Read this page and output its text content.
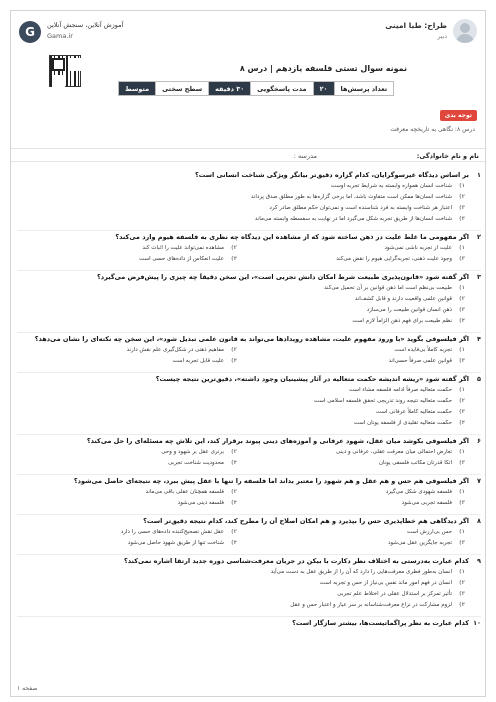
طراح: طبا امینی
دبیر
G	آموزش آنلاین، سنجش آنلاین
Gama.ir
نمونه سوال تستی فلسفه یازدهم | درس ۸
تعداد پرسش‌ها
۲۰
مدت پاسخگویی
۳۰ دقیقه
سطح سختی
متوسط
توجه بدی
درس ۸: نگاهی به تاریخچه معرفت
نام و نام خانوادگی:
مدرسه :
۱
بر اساس دیدگاه غیرسوگرایان، کدام گزاره دقیق‌تر بیانگر ویژگی شناخت انسانی است؟
۱)
شناخت انسان همواره وابسته به شرایط تجربه اوست
۲)
شناخت انسان‌ها ممکن است متفاوت باشد، اما برخی گزاره‌ها به طور مطلق صدق پرداند
۳)
اعتبار هر شناخت وابسته به فرد شناسنده است و نمی‌توان حکم مطلق صادر کرد
۴)
شناخت انسان‌ها از طریق تجربه شکل می‌گیرد اما در نهایت به سفسطه وابسته می‌ماند
۲
اگر مفهومی ما غلط علیت در ذهن ساخته شود که از مشاهده این دیدگاه چه نظری به فلسفه هیوم وارد می‌کند؟
۱)
علیت از تجربه ناشی نمی‌شود
۲)
مشاهده نمی‌تواند علیت را اثبات کند
۳)
وجود علیت ذهنی، تجربه‌گرایی هیوم را نقض می‌کند
۴)
علیت انعکاس از داده‌های حسی است
۳
اگر گفته شود «قانون‌پذیری طبیعت شرط امکان دانش تجربی است»، این سخن دقیقاً چه چیزی را پیش‌فرض می‌گیرد؟
۱)
طبیعت بی‌نظم است اما ذهن قوانین بر آن تحمیل می‌کند
۲)
قوانین علمی واقعیت دارند و قابل کشف‌اند
۳)
ذهن انسان قوانین طبیعت را می‌سازد
۴)
نظم طبیعت برای فهم ذهن الزاماً لازم است
۴
اگر فیلسوفی بگوید «با ورود مفهوم علیت، مشاهده رویدادها می‌تواند به قانون علمی تبدیل شود»، این سخن چه نکته‌ای را نشان می‌دهد؟
۱)
تجربه کاملاً بی‌فایده است
۲)
مفاهیم ذهنی در شکل‌گیری علم نقش دارند
۳)
قوانین علمی صرفاً حسی‌اند
۴)
علیت قابل تجربه است
۵
اگر گفته شود «ریشه اندیشه حکمت متعالیه در آثار پیشینیان وجود داشته»، دقیق‌ترین نتیجه چیست؟
۱)
حکمت متعالیه صرفاً ادامه فلسفه مشاء است
۲)
حکمت متعالیه نتیجه روند تدریجی تحقق فلسفه اسلامی است
۳)
حکمت متعالیه کاملاً عرفانی است
۴)
حکمت متعالیه تقلیدی از فلسفه یونان است
۶
اگر فیلسوفی بکوشد میان عقل، شهود عرفانی و آموزه‌های دینی پیوند برقرار کند، این تلاش چه مسئله‌ای را حل می‌کند؟
۱)
تعارض احتمالی میان معرفت عقلی، عرفانی و دینی
۲)
برتری عقل بر شهود و وحی
۳)
اتکا قدرتان مکاتب فلسفی یونان
۴)
محدودیت شناخت تجربی
۷
اگر فیلسوفی هم حس و هم عقل و هم شهود را معتبر بداند اما فلسفه را تنها با عقل پیش ببرد، چه نتیجه‌ای حاصل می‌شود؟
۱)
فلسفه شهودی شکل می‌گیرد
۲)
فلسفه همچنان عقلی باقی می‌ماند
۳)
فلسفه تجربی می‌شود
۴)
فلسفه دینی می‌شود
۸
اگر دیدگاهی هم خطاپذیری حس را بپذیرد و هم امکان اصلاح آن را مطرح کند، کدام نتیجه دقیق‌تر است؟
۱)
حس بی‌ارزش است
۲)
عقل نقش تصحیح‌کننده داده‌های حسی را دارد
۳)
تجربه جایگزین عقل می‌شود
۴)
شناخت تنها از طریق شهود حاصل می‌شود
۹
کدام عبارت به‌درستی به اختلاف نظر دکارت با بیکن در جریان معرفت‌شناسی دوره جدید ارتقا اشاره نمی‌کند؟
۱)
انسان به‌طور فطری معرفت‌هایی را دارد که آن را از طریق عقل به دست می‌آید
۲)
انسان در فهم امور ماند نفس بی‌نیاز از حس و تجربه است
۳)
تأثیر تمرکز بر استدلال عقلی در اختلاط علم تجربی
۴)
لزوم مشارکت در نزاع معرفت‌شناسانه بر سر عیار و اعتبار حس و عقل
۱۰
کدام عبارت به نظر پراگماتیست‌ها، بیشتر سازگار است؟
صفحه ۱
